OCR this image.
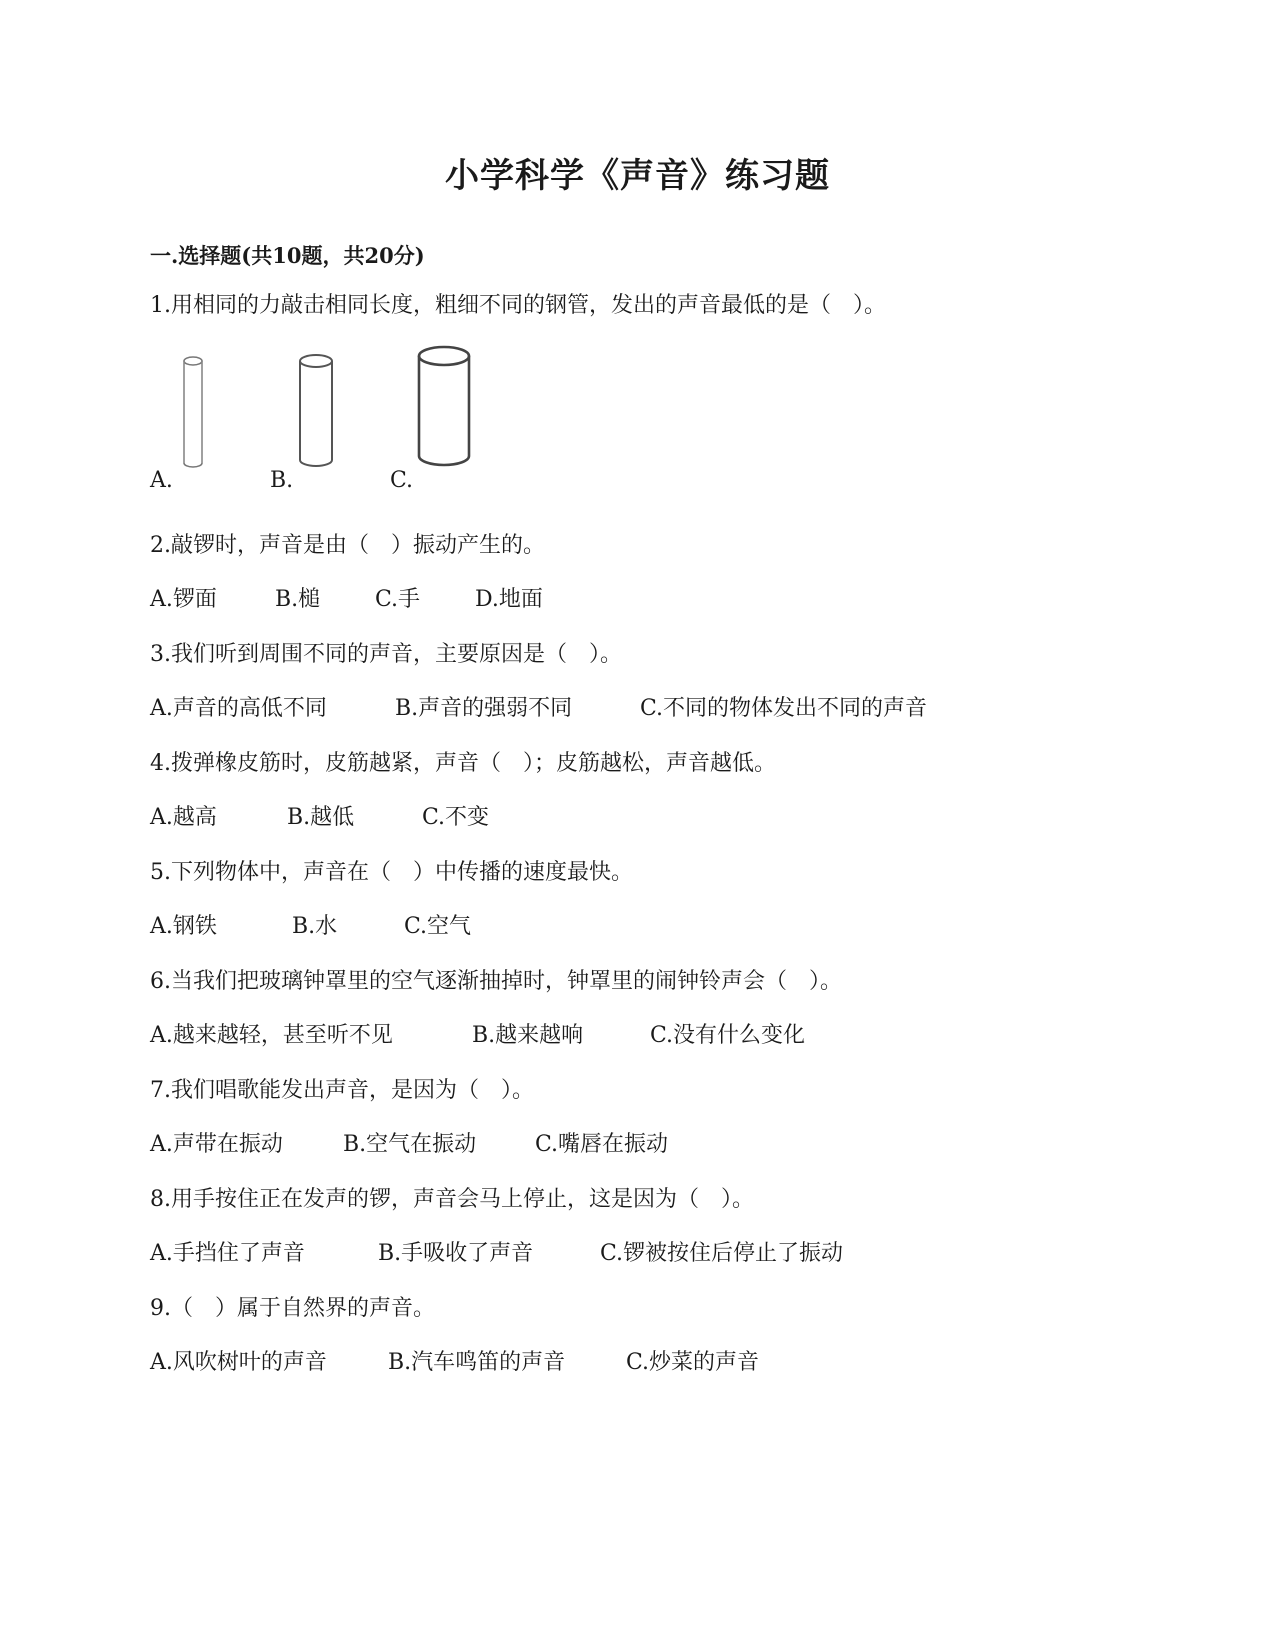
小学科学《声音》练习题
一.选择题(共10题，共20分)
1.用相同的力敲击相同长度，粗细不同的钢管，发出的声音最低的是（　）。
A.	B.	C.
2.敲锣时，声音是由（　）振动产生的。
A.锣面	B.槌 C.手 D.地面
3.我们听到周围不同的声音，主要原因是（　）。
A.声音的高低不同	B.声音的强弱不同	C.不同的物体发出不同的声音
4.拨弹橡皮筋时，皮筋越紧，声音（　）；皮筋越松，声音越低。
A.越高	B.越低	C.不变
5.下列物体中，声音在（　）中传播的速度最快。
A.钢铁	B.水	C.空气
6.当我们把玻璃钟罩里的空气逐渐抽掉时，钟罩里的闹钟铃声会（　）。
A.越来越轻，甚至听不见	B.越来越响	C.没有什么变化
7.我们唱歌能发出声音，是因为（　）。
A.声带在振动	B.空气在振动	C.嘴唇在振动
8.用手按住正在发声的锣，声音会马上停止，这是因为（　）。
A.手挡住了声音	B.手吸收了声音	C.锣被按住后停止了振动
9.（　）属于自然界的声音。
A.风吹树叶的声音	B.汽车鸣笛的声音	C.炒菜的声音
